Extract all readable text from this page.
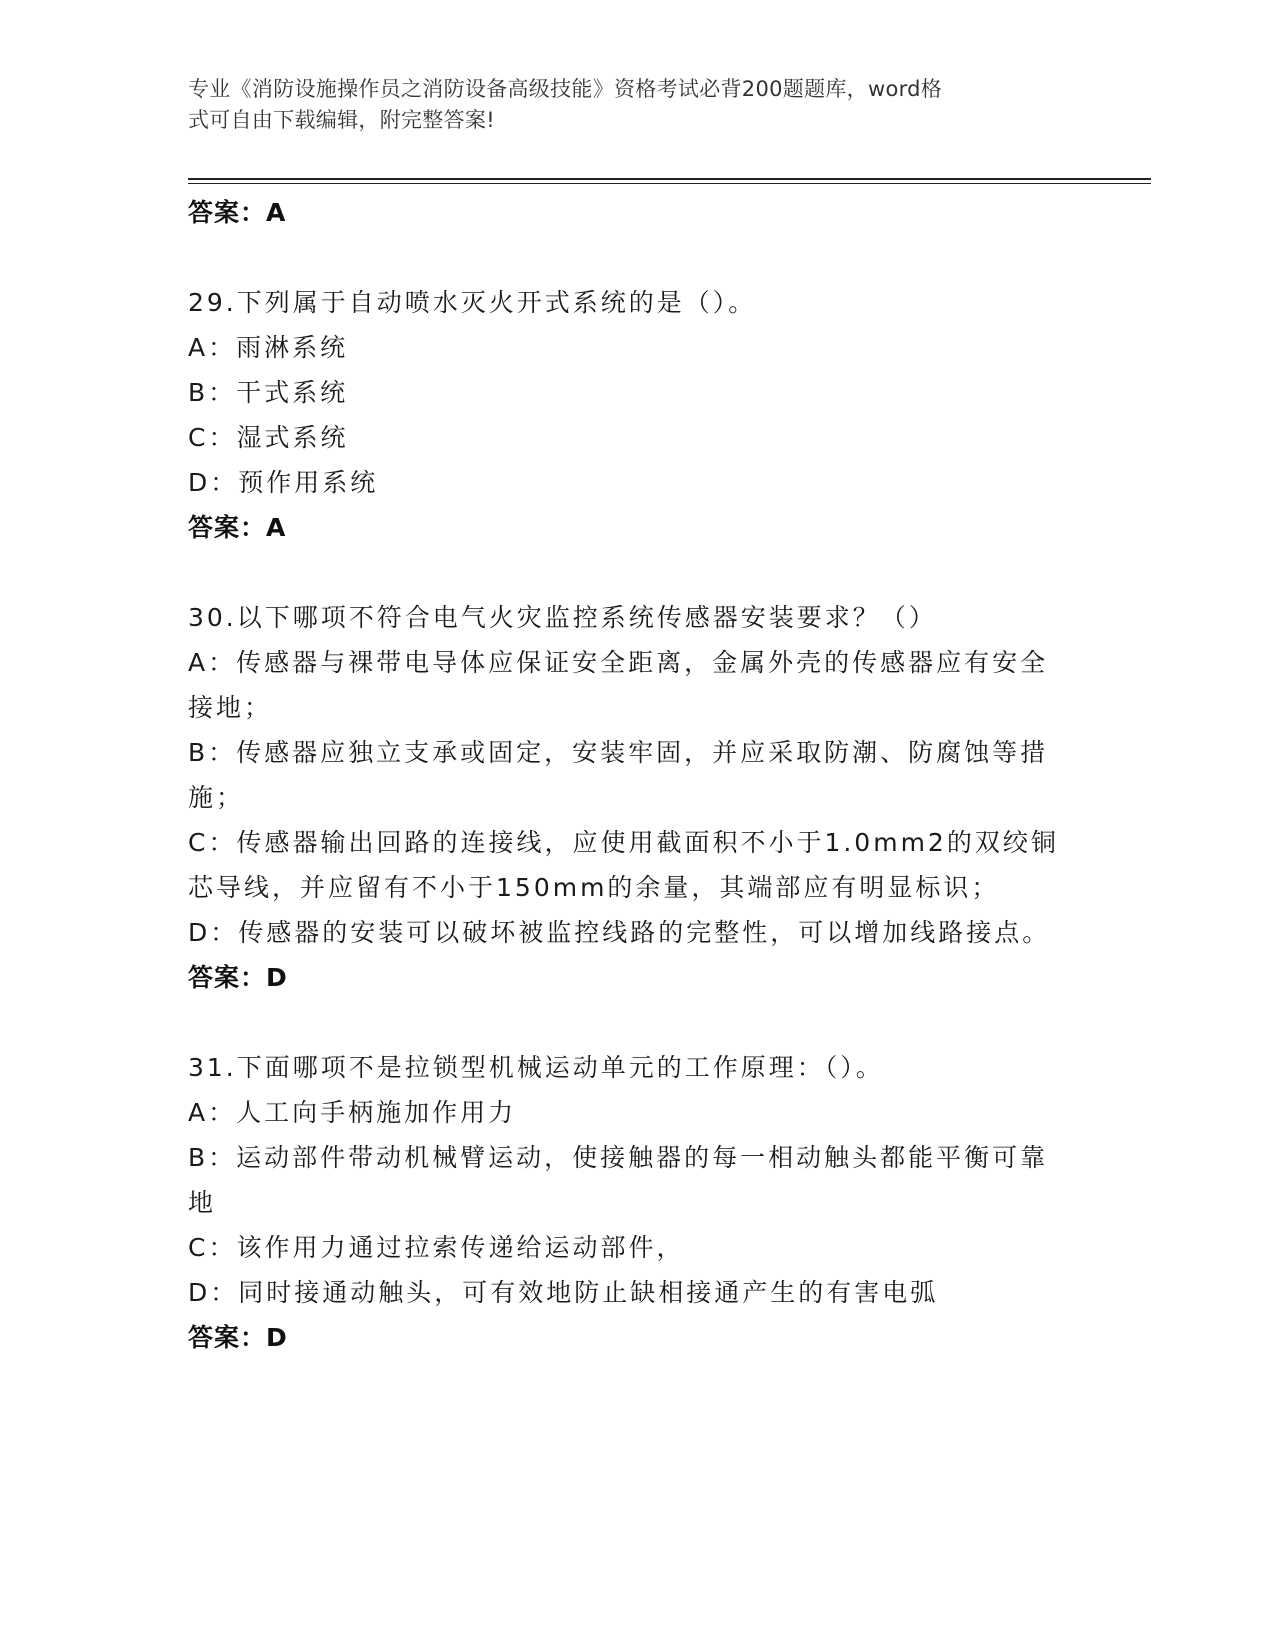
专业《消防设施操作员之消防设备高级技能》资格考试必背200题题库，word格
式可自由下载编辑，附完整答案!
答案：A
29.下列属于自动喷水灭火开式系统的是（）。
A：雨淋系统
B：干式系统
C：湿式系统
D：预作用系统
答案：A
30.以下哪项不符合电气火灾监控系统传感器安装要求？（）
A：传感器与裸带电导体应保证安全距离，金属外壳的传感器应有安全
接地；
B：传感器应独立支承或固定，安装牢固，并应采取防潮、防腐蚀等措
施；
C：传感器输出回路的连接线，应使用截面积不小于1.0mm2的双绞铜
芯导线，并应留有不小于150mm的余量，其端部应有明显标识；
D：传感器的安装可以破坏被监控线路的完整性，可以增加线路接点。
答案：D
31.下面哪项不是拉锁型机械运动单元的工作原理：（）。
A：人工向手柄施加作用力
B：运动部件带动机械臂运动，使接触器的每一相动触头都能平衡可靠
地
C：该作用力通过拉索传递给运动部件，
D：同时接通动触头，可有效地防止缺相接通产生的有害电弧
答案：D
